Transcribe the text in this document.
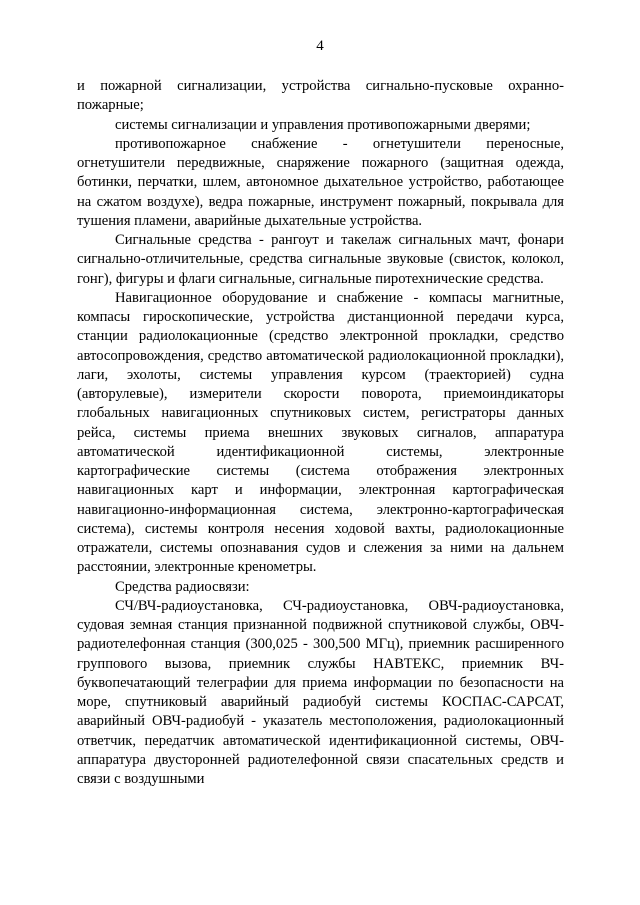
4

и пожарной сигнализации, устройства сигнально-пусковые охранно-пожарные;

системы сигнализации и управления противопожарными дверями;

противопожарное снабжение - огнетушители переносные, огнетушители передвижные, снаряжение пожарного (защитная одежда, ботинки, перчатки, шлем, автономное дыхательное устройство, работающее на сжатом воздухе), ведра пожарные, инструмент пожарный, покрывала для тушения пламени, аварийные дыхательные устройства.

Сигнальные средства - рангоут и такелаж сигнальных мачт, фонари сигнально-отличительные, средства сигнальные звуковые (свисток, колокол, гонг), фигуры и флаги сигнальные, сигнальные пиротехнические средства.

Навигационное оборудование и снабжение - компасы магнитные, компасы гироскопические, устройства дистанционной передачи курса, станции радиолокационные (средство электронной прокладки, средство автосопровождения, средство автоматической радиолокационной прокладки), лаги, эхолоты, системы управления курсом (траекторией) судна (авторулевые), измерители скорости поворота, приемоиндикаторы глобальных навигационных спутниковых систем, регистраторы данных рейса, системы приема внешних звуковых сигналов, аппаратура автоматической идентификационной системы, электронные картографические системы (система отображения электронных навигационных карт и информации, электронная картографическая навигационно-информационная система, электронно-картографическая система), системы контроля несения ходовой вахты, радиолокационные отражатели, системы опознавания судов и слежения за ними на дальнем расстоянии, электронные кренометры.

Средства радиосвязи:

СЧ/ВЧ-радиоустановка, СЧ-радиоустановка, ОВЧ-радиоустановка, судовая земная станция признанной подвижной спутниковой службы, ОВЧ-радиотелефонная станция (300,025 - 300,500 МГц), приемник расширенного группового вызова, приемник службы НАВТЕКС, приемник ВЧ-буквопечатающий телеграфии для приема информации по безопасности на море, спутниковый аварийный радиобуй системы КОСПАС-САРСАТ, аварийный ОВЧ-радиобуй - указатель местоположения, радиолокационный ответчик, передатчик автоматической идентификационной системы, ОВЧ-аппаратура двусторонней радиотелефонной связи спасательных средств и связи с воздушными
